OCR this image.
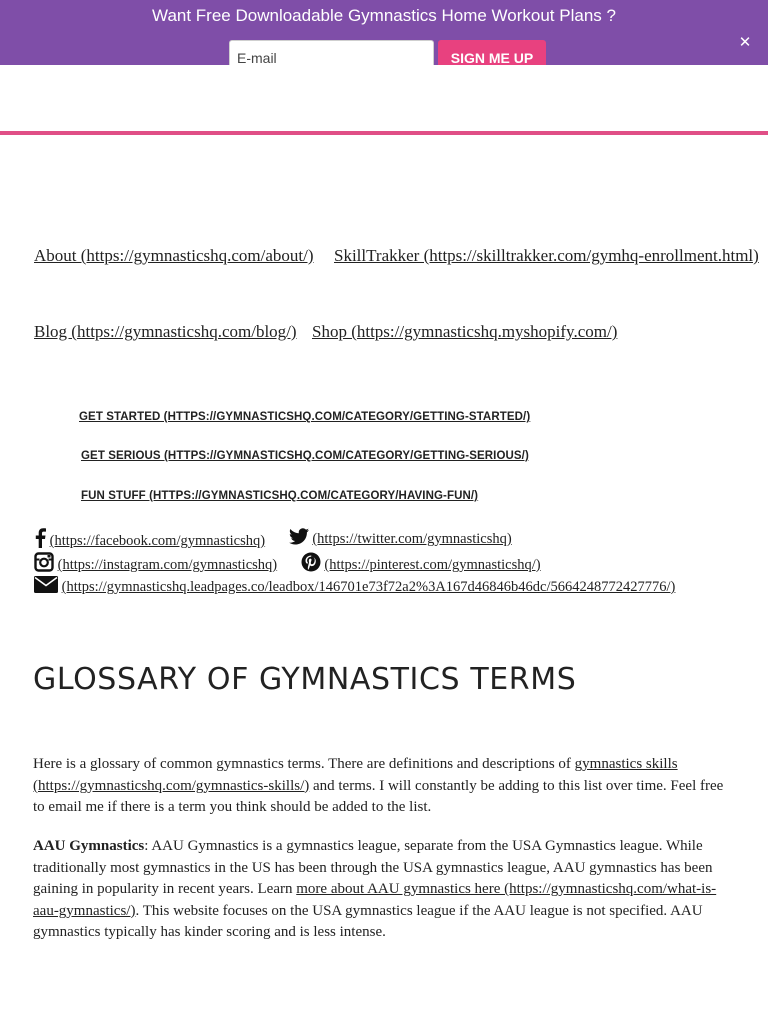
Want Free Downloadable Gymnastics Home Workout Plans ?
E-mail
SIGN ME UP
✕
About (https://gymnasticshq.com/about/) SkillTrakker (https://skilltrakker.com/gymhq-enrollment.html)
Blog (https://gymnasticshq.com/blog/) Shop (https://gymnasticshq.myshopify.com/)
GET STARTED (HTTPS://GYMNASTICSHQ.COM/CATEGORY/GETTING-STARTED/)
GET SERIOUS (HTTPS://GYMNASTICSHQ.COM/CATEGORY/GETTING-SERIOUS/)
FUN STUFF (HTTPS://GYMNASTICSHQ.COM/CATEGORY/HAVING-FUN/)
(https://facebook.com/gymnasticshq)	(https://twitter.com/gymnasticshq)
(https://instagram.com/gymnasticshq)	(https://pinterest.com/gymnasticshq/)
(https://gymnasticshq.leadpages.co/leadbox/146701e73f72a2%3A167d46846b46dc/5664248772427776/)
GLOSSARY OF GYMNASTICS TERMS

Here is a glossary of common gymnastics terms. There are definitions and descriptions of gymnastics skills (https://gymnasticshq.com/gymnastics-skills/) and terms. I will constantly be adding to this list over time. Feel free to email me if there is a term you think should be added to the list.

AAU Gymnastics: AAU Gymnastics is a gymnastics league, separate from the USA Gymnastics league. While traditionally most gymnastics in the US has been through the USA gymnastics league, AAU gymnastics has been gaining in popularity in recent years. Learn more about AAU gymnastics here (https://gymnasticshq.com/what-is-aau-gymnastics/). This website focuses on the USA gymnastics league if the AAU league is not specified. AAU gymnastics typically has kinder scoring and is less intense.
